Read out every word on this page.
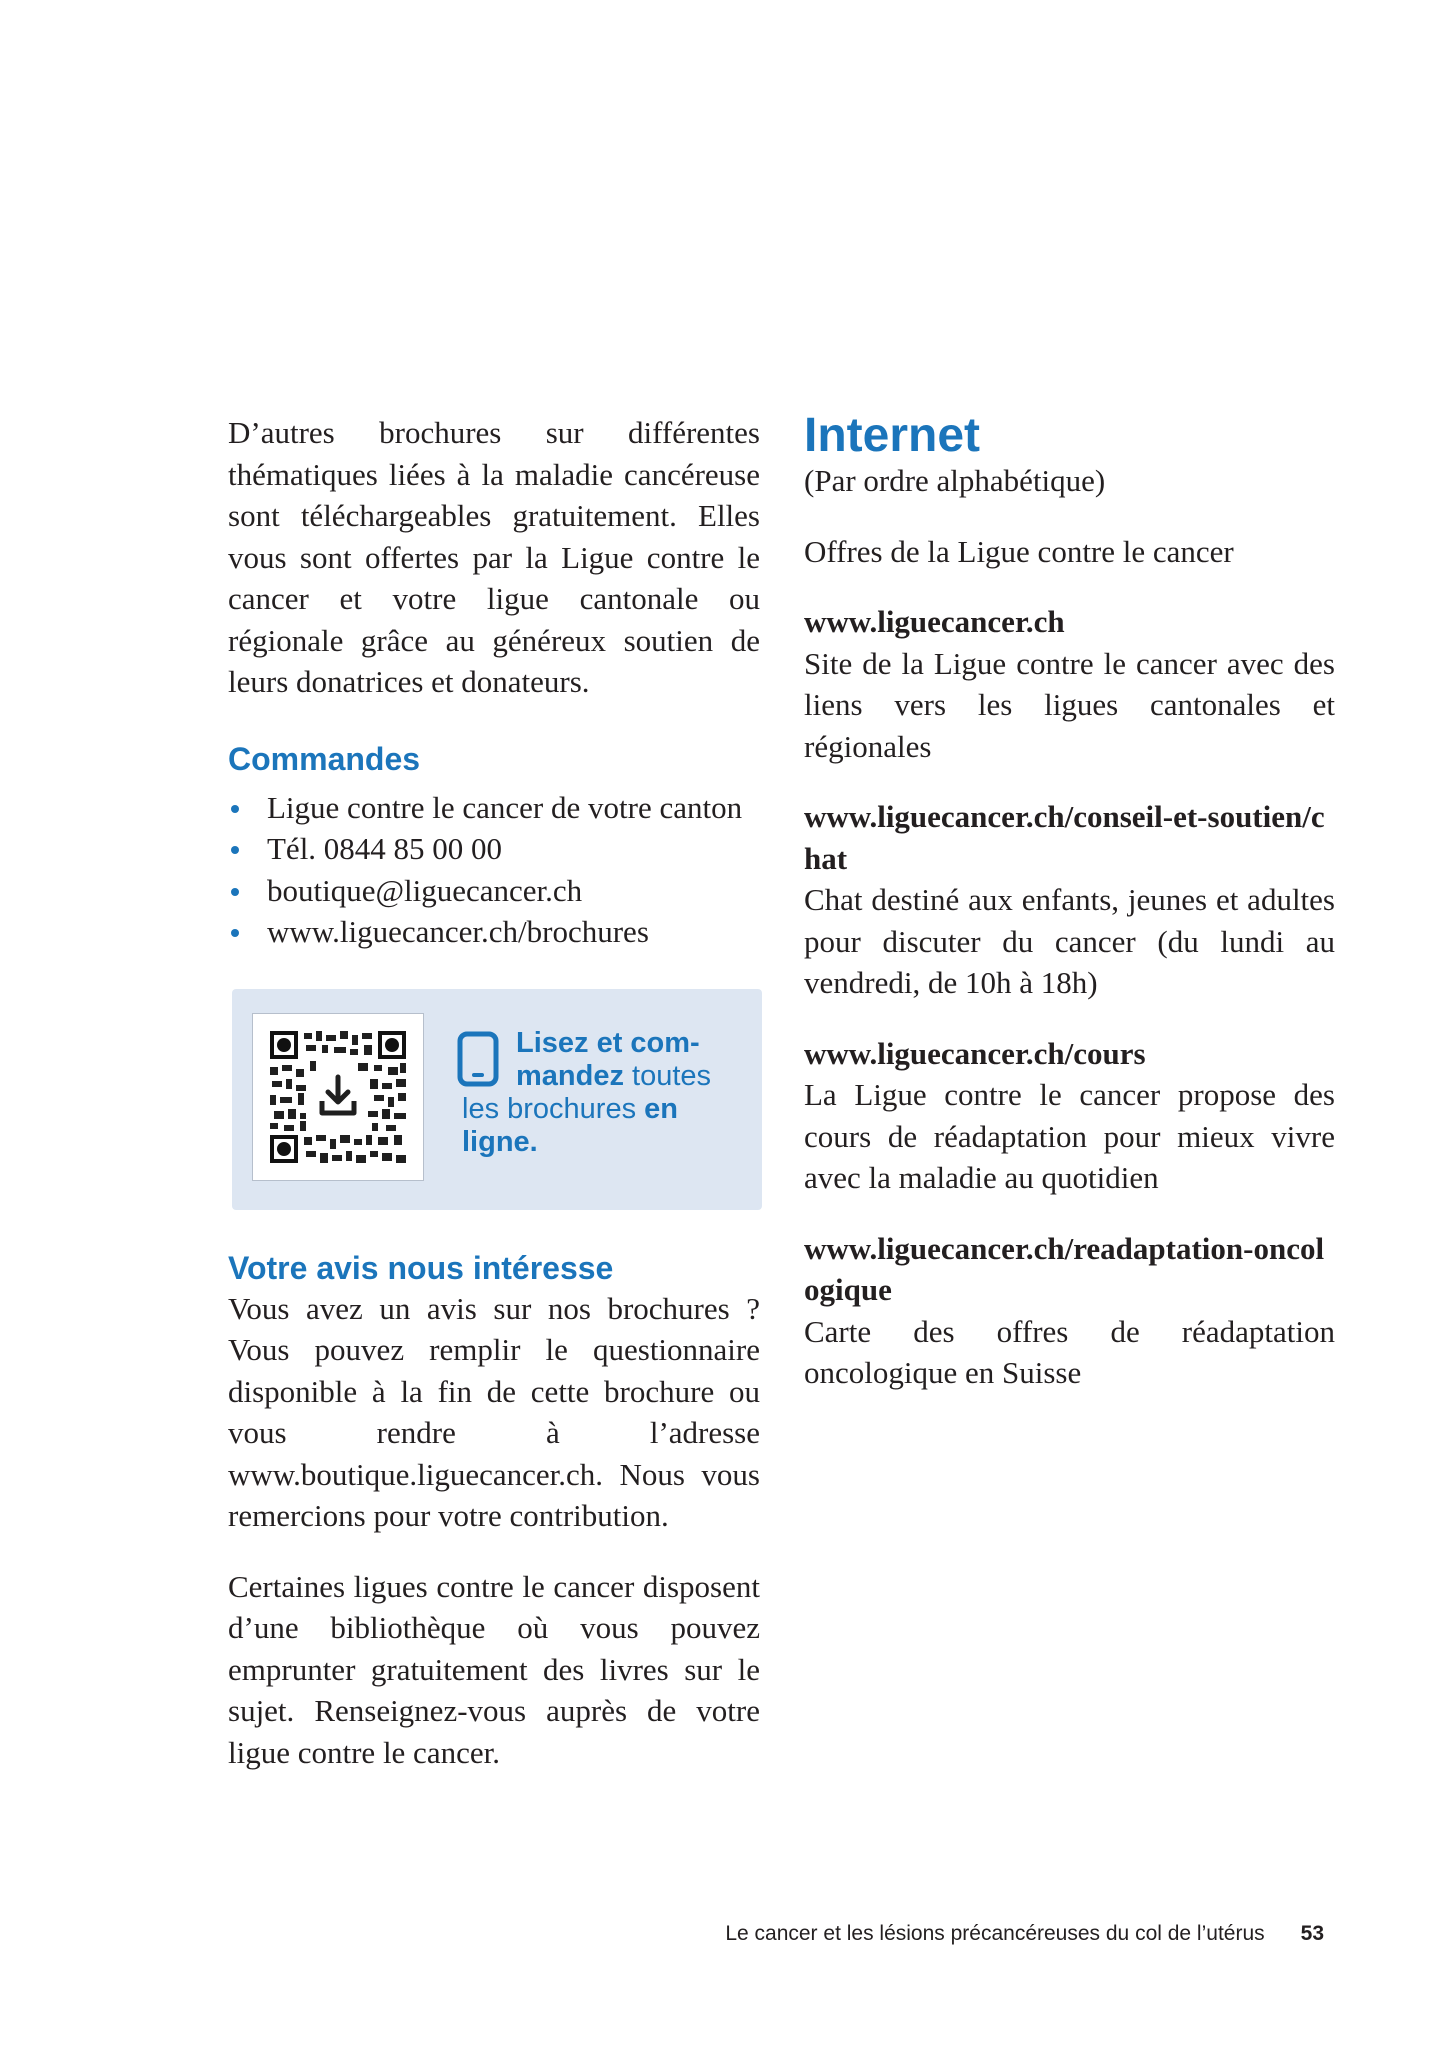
D’autres brochures sur différentes thématiques liées à la maladie cancéreuse sont téléchargeables gratuitement. Elles vous sont offertes par la Ligue contre le cancer et votre ligue cantonale ou régionale grâce au généreux soutien de leurs donatrices et donateurs.

Commandes
Ligue contre le cancer de votre canton
Tél. 0844 85 00 00
boutique@liguecancer.ch
www.liguecancer.ch/brochures
Lisez et com-
mandez toutes
les brochures en
ligne.
Votre avis nous intéresse

Vous avez un avis sur nos brochures ? Vous pouvez remplir le questionnaire disponible à la fin de cette brochure ou vous rendre à l’adresse www.boutique.liguecancer.ch. Nous vous remercions pour votre contribution.

Certaines ligues contre le cancer disposent d’une bibliothèque où vous pouvez emprunter gratuitement des livres sur le sujet. Renseignez-vous auprès de votre ligue contre le cancer.

Internet

(Par ordre alphabétique)

Offres de la Ligue contre le cancer

www.liguecancer.ch

Site de la Ligue contre le cancer avec des liens vers les ligues cantonales et régionales

www.liguecancer.ch/conseil-et-soutien/chat

Chat destiné aux enfants, jeunes et adultes pour discuter du cancer (du lundi au vendredi, de 10h à 18h)

www.liguecancer.ch/cours

La Ligue contre le cancer propose des cours de réadaptation pour mieux vivre avec la maladie au quotidien

www.liguecancer.ch/readaptation-oncologique

Carte des offres de réadaptation oncologique en Suisse

Le cancer et les lésions précancéreuses du col de l’utérus 53
